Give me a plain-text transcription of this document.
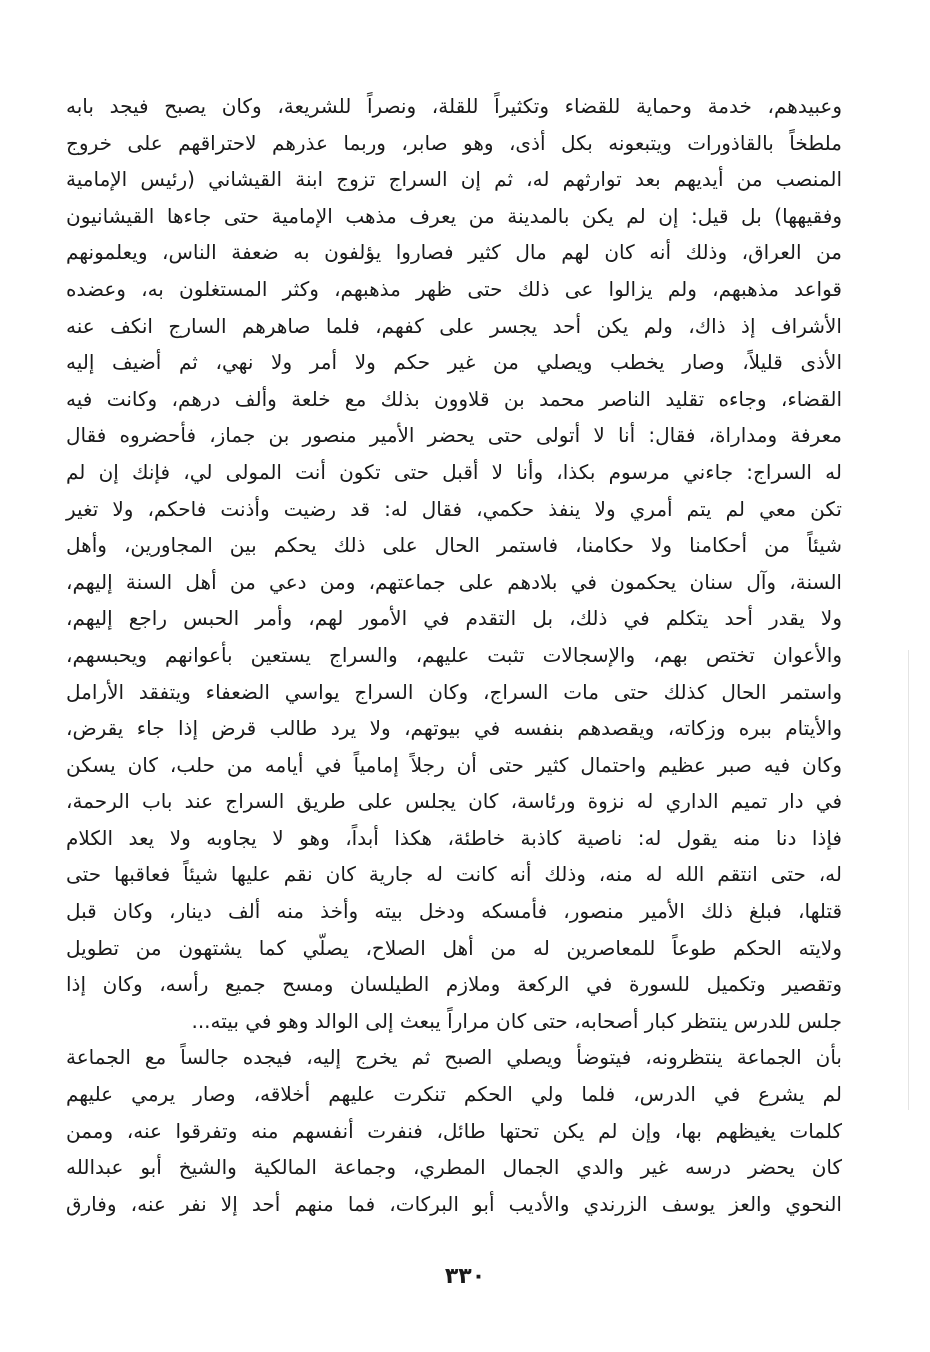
وعبيدهم، خدمة وحماية للقضاء وتكثيراً للقلة، ونصراً للشريعة، وكان يصبح فيجد بابه
ملطخاً بالقاذورات ويتبعونه بكل أذى، وهو صابر، وربما عذرهم لاحتراقهم على خروج
المنصب من أيديهم بعد توارثهم له، ثم إن السراج تزوج ابنة القيشاني (رئيس الإمامية
وفقيهها) بل قيل: إن لم يكن بالمدينة من يعرف مذهب الإمامية حتى جاءها القيشانيون
من العراق، وذلك أنه كان لهم مال كثير فصاروا يؤلفون به ضعفة الناس، ويعلمونهم
قواعد مذهبهم، ولم يزالوا عى ذلك حتى ظهر مذهبهم، وكثر المستغلون به، وعضده
الأشراف إذ ذاك، ولم يكن أحد يجسر على كفهم، فلما صاهرهم السارج انكف عنه
الأذى قليلاً، وصار يخطب ويصلي من غير حكم ولا أمر ولا نهي، ثم أضيف إليه
القضاء، وجاءه تقليد الناصر محمد بن قلاوون بذلك مع خلعة وألف درهم، وكانت فيه
معرفة ومداراة، فقال: أنا لا أتولى حتى يحضر الأمير منصور بن جماز، فأحضروه فقال
له السراج: جاءني مرسوم بكذا، وأنا لا أقبل حتى تكون أنت المولى لي، فإنك إن لم
تكن معي لم يتم أمري ولا ينفذ حكمي، فقال له: قد رضيت وأذنت فاحكم، ولا تغير
شيئاً من أحكامنا ولا حكامنا، فاستمر الحال على ذلك يحكم بين المجاورين، وأهل
السنة، وآل سنان يحكمون في بلادهم على جماعتهم، ومن دعي من أهل السنة إليهم،
ولا يقدر أحد يتكلم في ذلك، بل التقدم في الأمور لهم، وأمر الحبس راجع إليهم،
والأعوان تختص بهم، والإسجالات تثبت عليهم، والسراج يستعين بأعوانهم ويحبسهم،
واستمر الحال كذلك حتى مات السراج، وكان السراج يواسي الضعفاء ويتفقد الأرامل
والأيتام ببره وزكاته، ويقصدهم بنفسه في بيوتهم، ولا يرد طالب قرض إذا جاء يقرض،
وكان فيه صبر عظيم واحتمال كثير حتى أن رجلاً إمامياً في أيامه من حلب، كان يسكن
في دار تميم الداري له نزوة ورئاسة، كان يجلس على طريق السراج عند باب الرحمة،
فإذا دنا منه يقول له: ناصية كاذبة خاطئة، هكذا أبداً، وهو لا يجاوبه ولا يعد الكلام
له، حتى انتقم الله له منه، وذلك أنه كانت له جارية كان نقم عليها شيئاً فعاقبها حتى
قتلها، فبلغ ذلك الأمير منصور، فأمسكه ودخل بيته وأخذ منه ألف دينار، وكان قبل
ولايته الحكم طوعاً للمعاصرين له من أهل الصلاح، يصلّي كما يشتهون من تطويل
وتقصير وتكميل للسورة في الركعة وملازم الطيلسان ومسح جميع رأسه، وكان إذا
جلس للدرس ينتظر كبار أصحابه، حتى كان مراراً يبعث إلى الوالد وهو في بيته...
بأن الجماعة ينتظرونه، فيتوضأ ويصلي الصبح ثم يخرج إليه، فيجده جالساً مع الجماعة
لم يشرع في الدرس، فلما ولي الحكم تنكرت عليهم أخلاقه، وصار يرمي عليهم
كلمات يغيظهم بها، وإن لم يكن تحتها طائل، فنفرت أنفسهم منه وتفرقوا عنه، وممن
كان يحضر درسه غير والدي الجمال المطري، وجماعة المالكية والشيخ أبو عبدالله
النحوي والعز يوسف الزرندي والأديب أبو البركات، فما منهم أحد إلا نفر عنه، وفارق
٣٣٠
